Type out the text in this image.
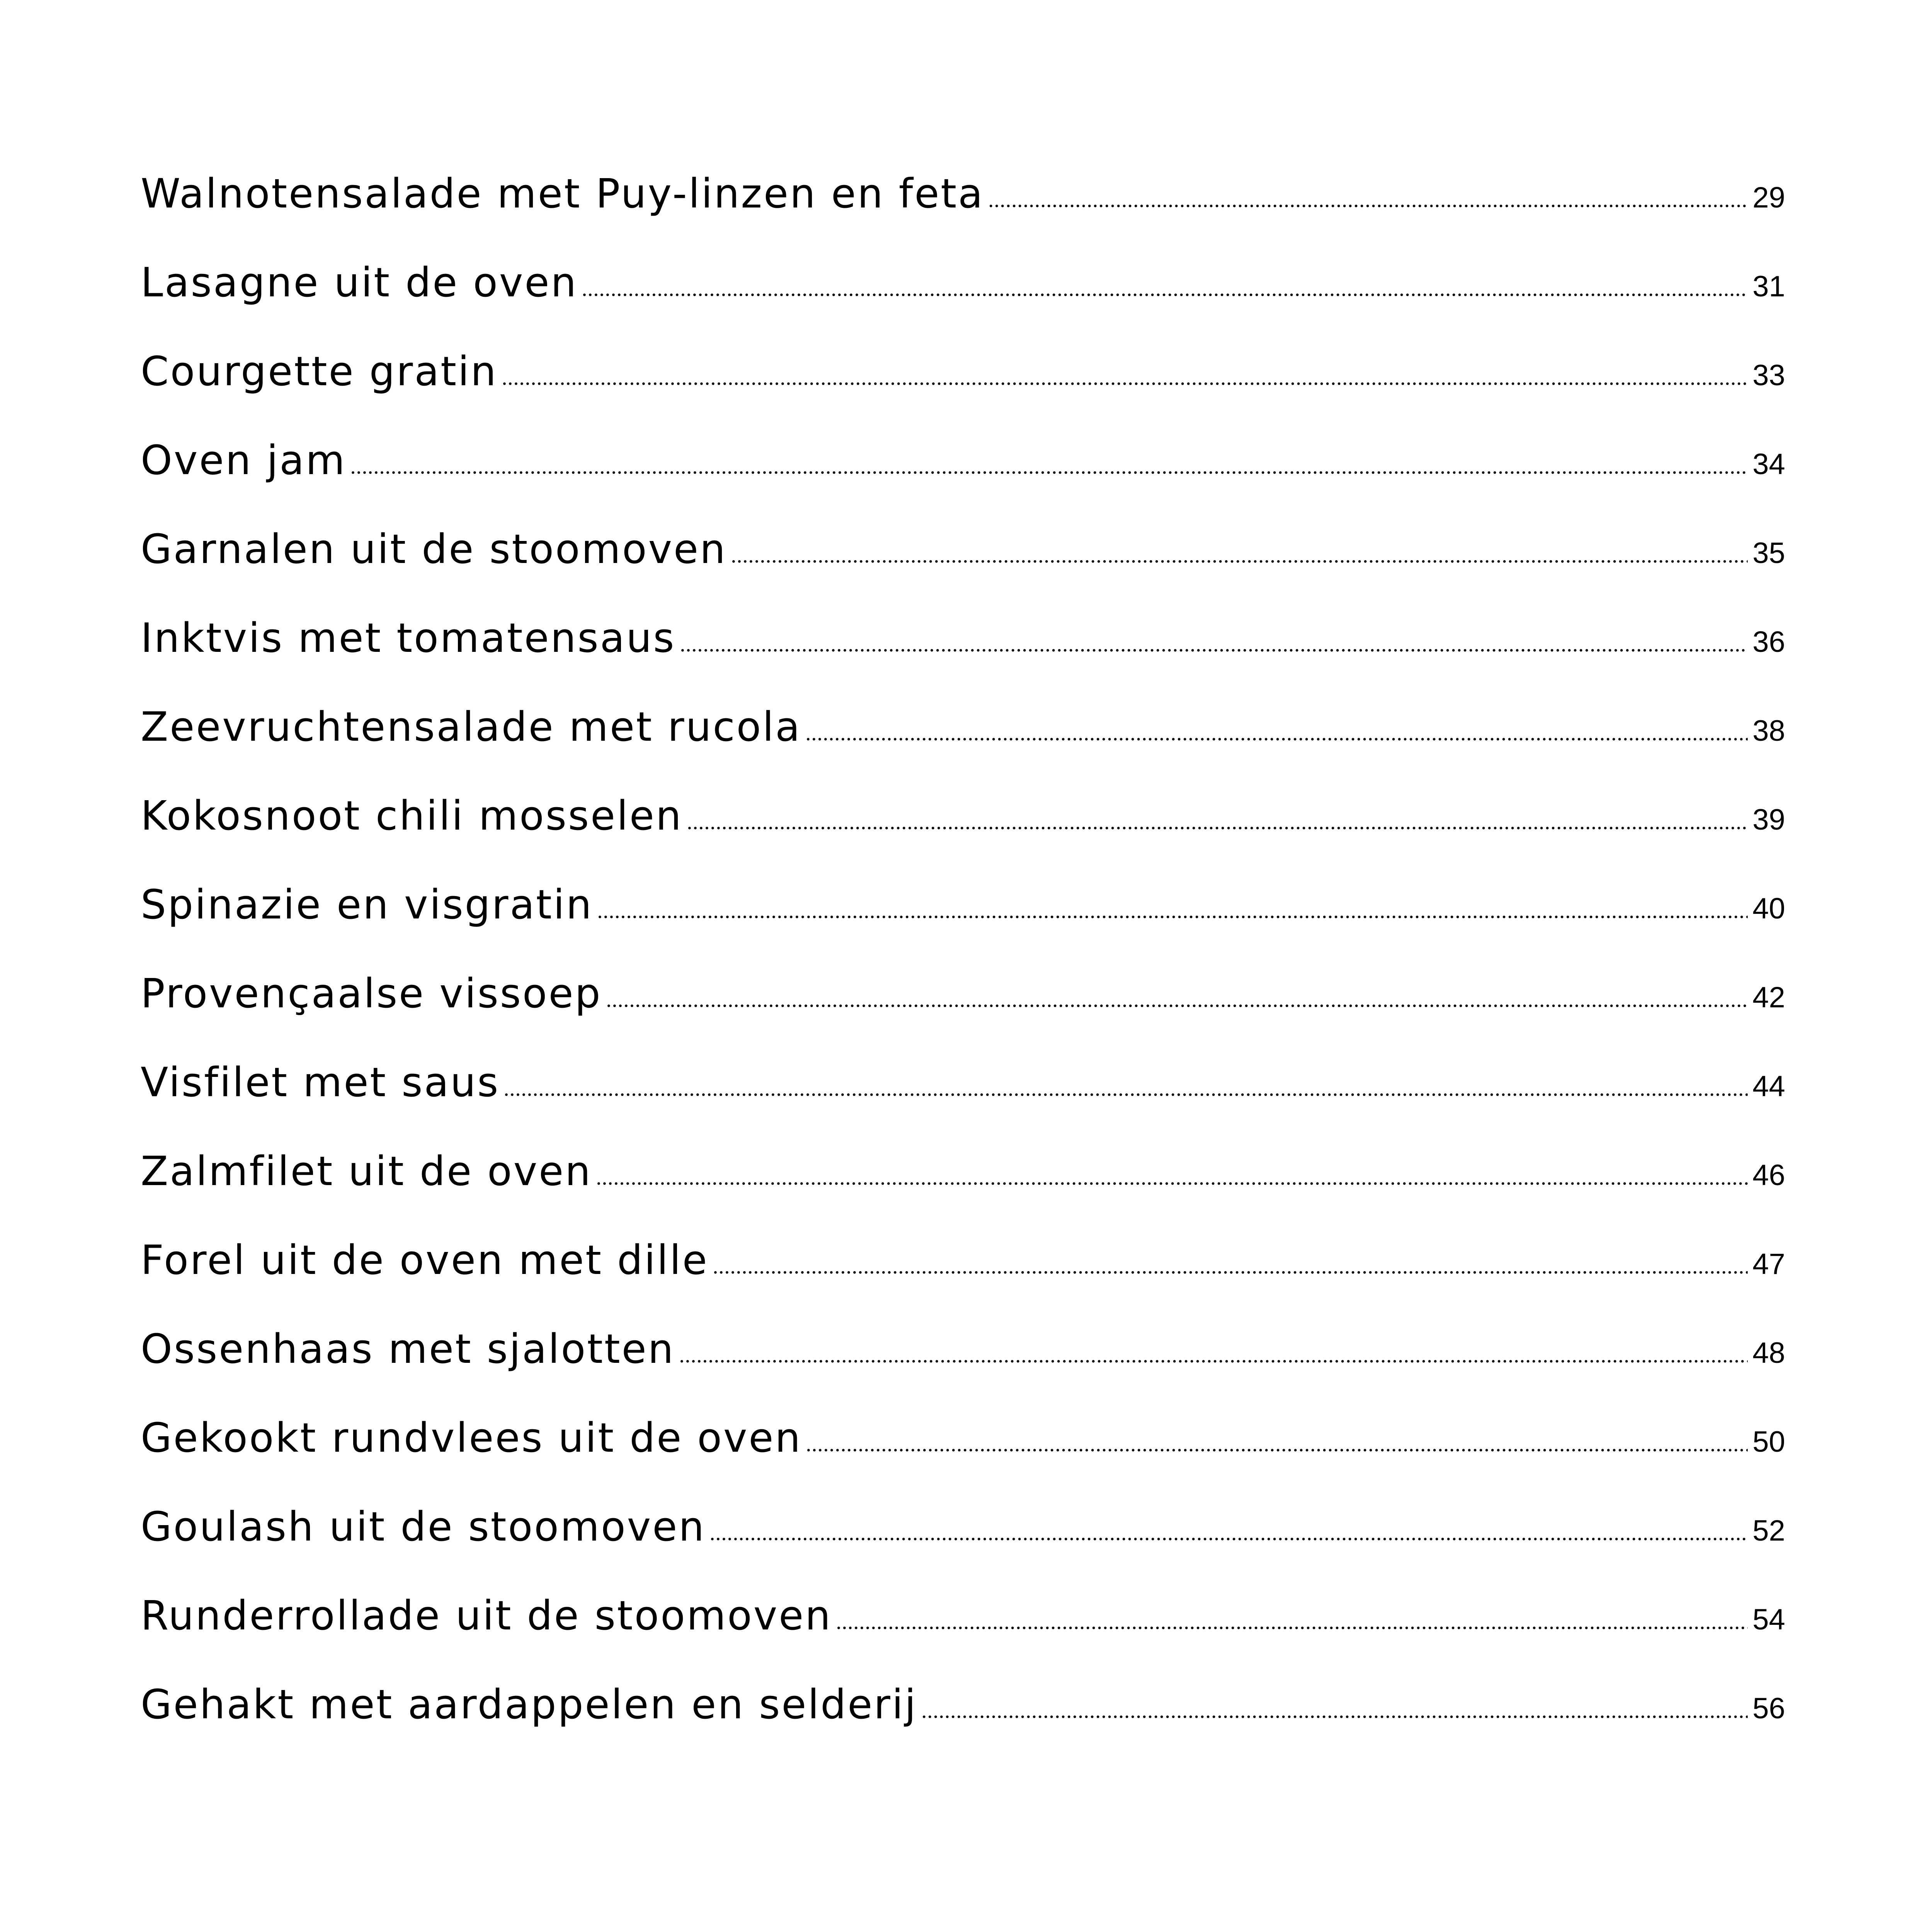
Walnotensalade met Puy-linzen en feta	29
Lasagne uit de oven	31
Courgette gratin	33
Oven jam	34
Garnalen uit de stoomoven	35
Inktvis met tomatensaus	36
Zeevruchtensalade met rucola	38
Kokosnoot chili mosselen	39
Spinazie en visgratin	40
Provençaalse vissoep	42
Visfilet met saus	44
Zalmfilet uit de oven	46
Forel uit de oven met dille	47
Ossenhaas met sjalotten	48
Gekookt rundvlees uit de oven	50
Goulash uit de stoomoven	52
Runderrollade uit de stoomoven	54
Gehakt met aardappelen en selderij	56
